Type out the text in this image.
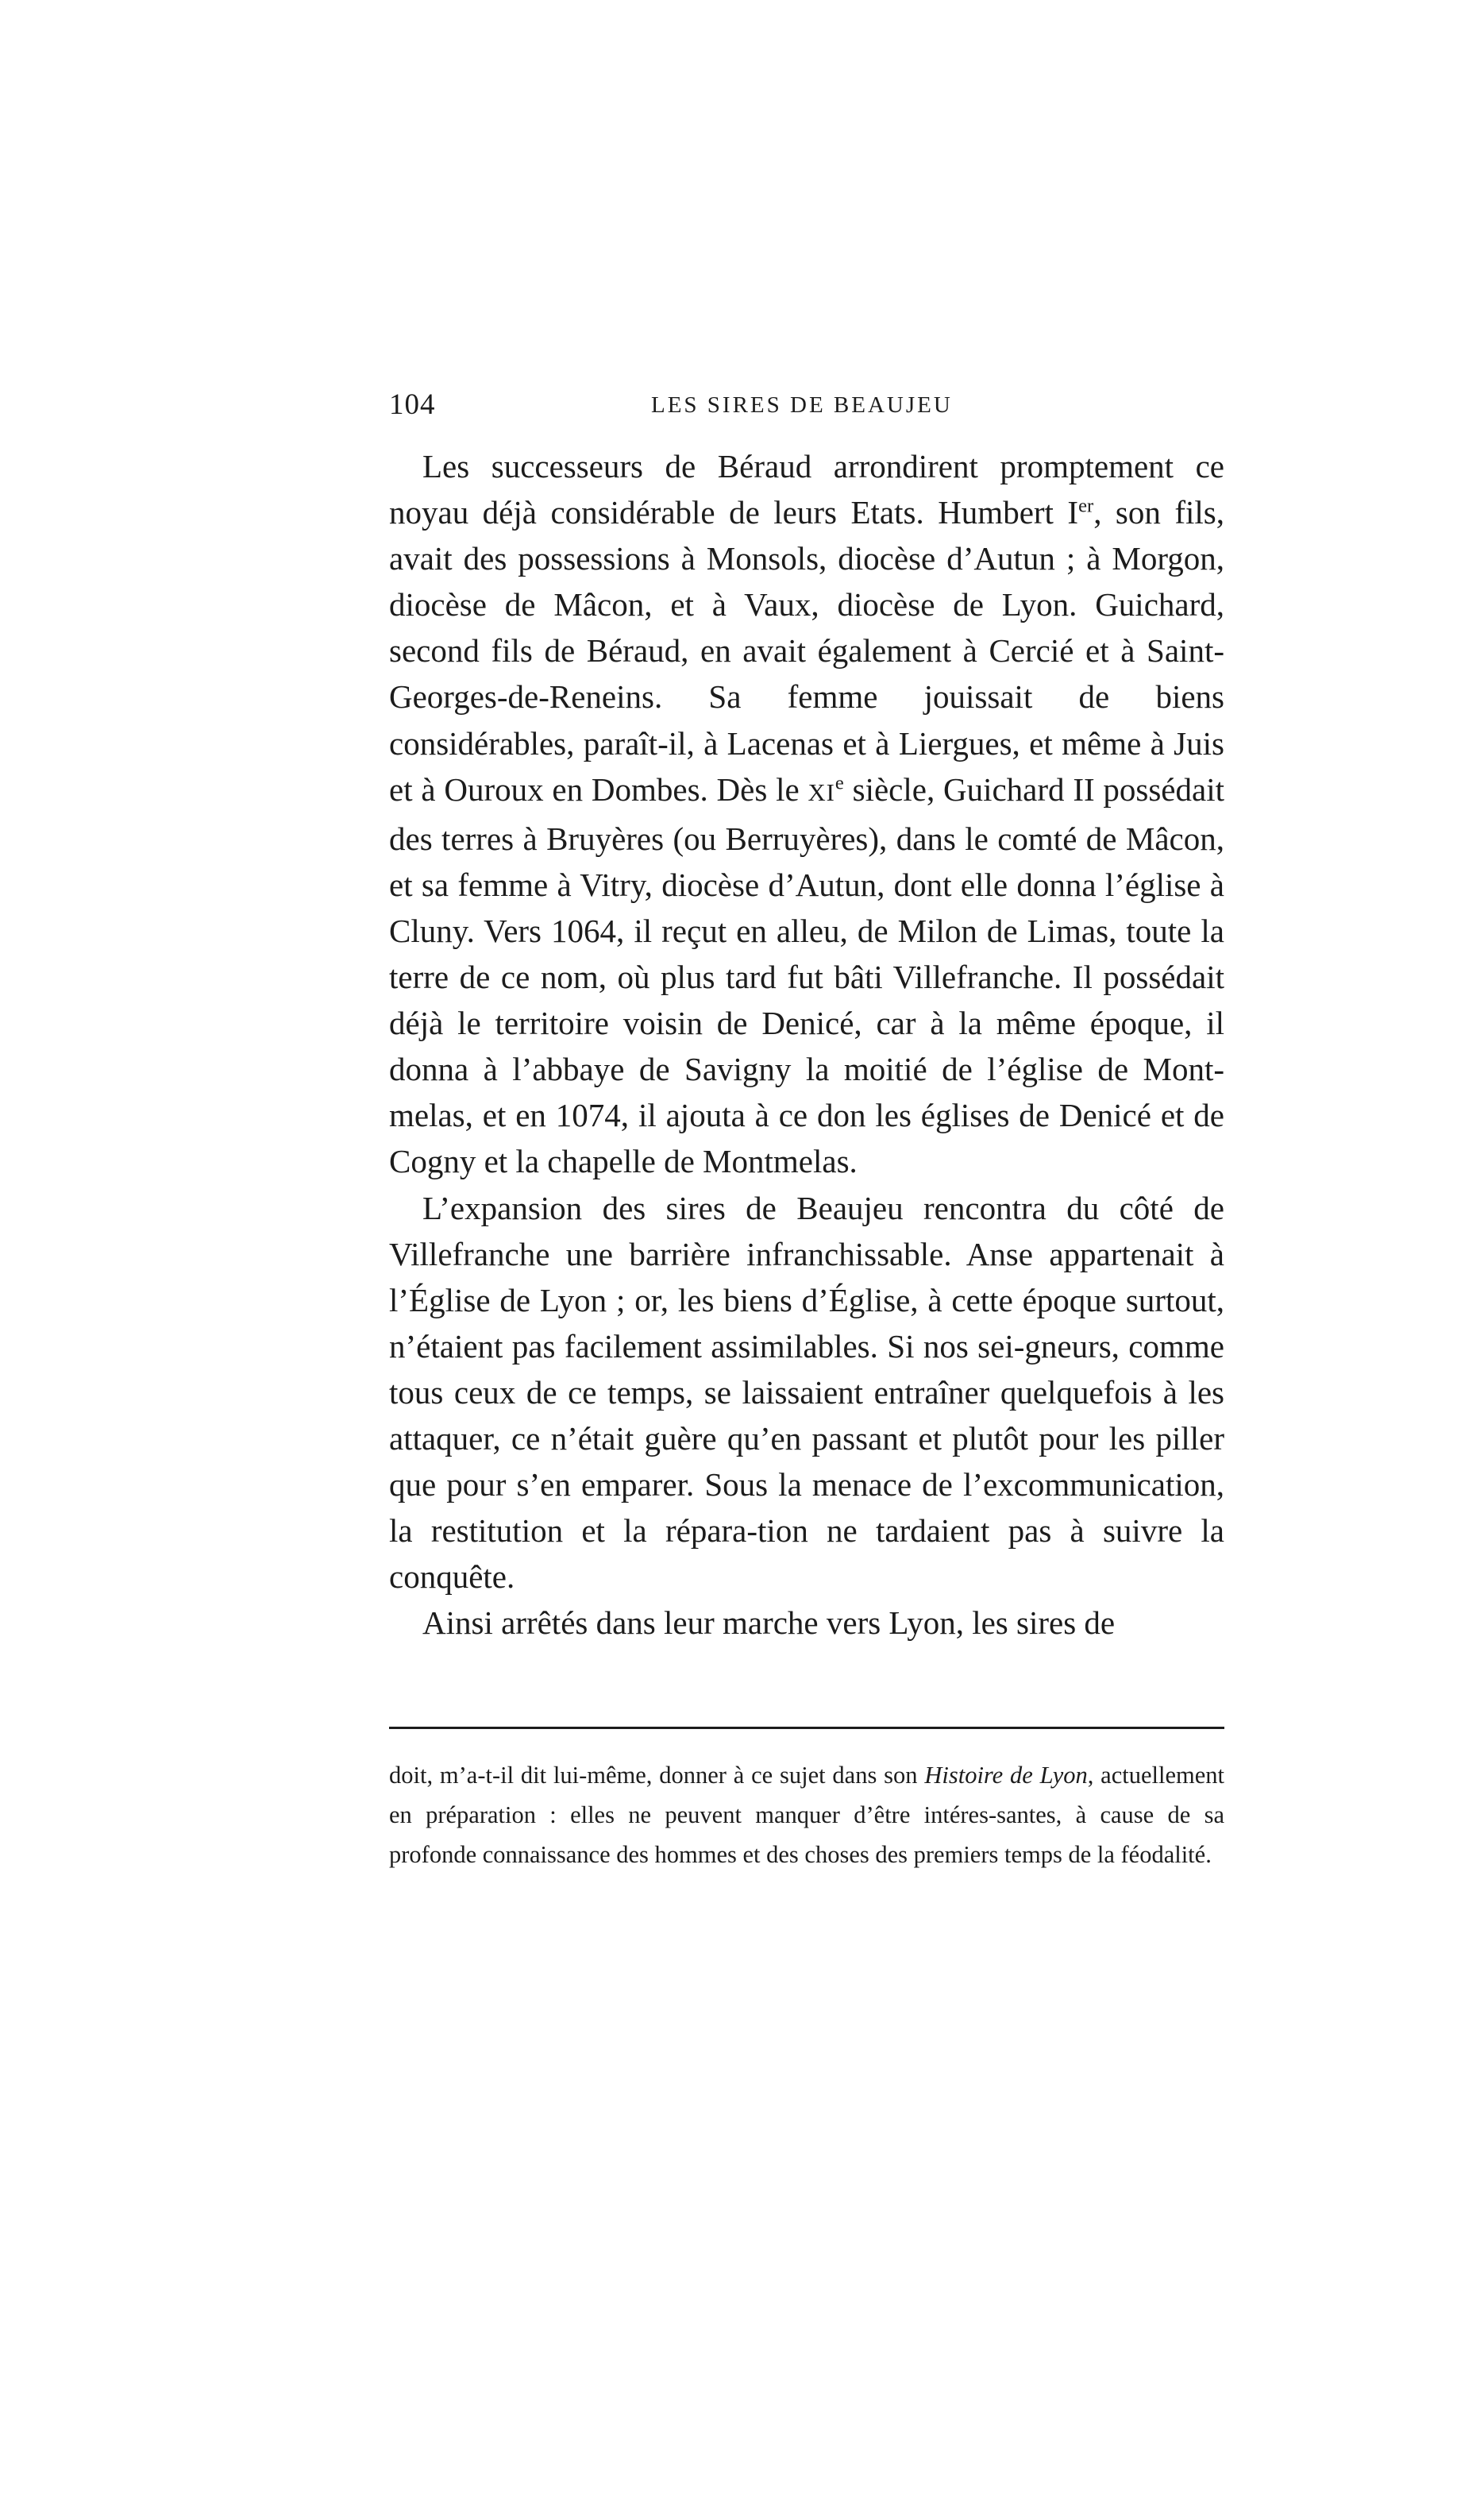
104	LES SIRES DE BEAUJEU

Les successeurs de Béraud arrondirent promptement ce noyau déjà considérable de leurs Etats. Humbert Ier, son fils, avait des possessions à Monsols, diocèse d’Autun ; à Morgon, diocèse de Mâcon, et à Vaux, diocèse de Lyon. Guichard, second fils de Béraud, en avait également à Cercié et à Saint-Georges-de-Reneins. Sa femme jouissait de biens considérables, paraît-il, à Lacenas et à Liergues, et même à Juis et à Ouroux en Dombes. Dès le XIe siècle, Guichard II possédait des terres à Bruyères (ou Berruyères), dans le comté de Mâcon, et sa femme à Vitry, diocèse d’Autun, dont elle donna l’église à Cluny. Vers 1064, il reçut en alleu, de Milon de Limas, toute la terre de ce nom, où plus tard fut bâti Villefranche. Il possédait déjà le territoire voisin de Denicé, car à la même époque, il donna à l’abbaye de Savigny la moitié de l’église de Mont-melas, et en 1074, il ajouta à ce don les églises de Denicé et de Cogny et la chapelle de Montmelas.

L’expansion des sires de Beaujeu rencontra du côté de Villefranche une barrière infranchissable. Anse appartenait à l’Église de Lyon ; or, les biens d’Église, à cette époque surtout, n’étaient pas facilement assimilables. Si nos sei-gneurs, comme tous ceux de ce temps, se laissaient entraîner quelquefois à les attaquer, ce n’était guère qu’en passant et plutôt pour les piller que pour s’en emparer. Sous la menace de l’excommunication, la restitution et la répara-tion ne tardaient pas à suivre la conquête.

Ainsi arrêtés dans leur marche vers Lyon, les sires de

doit, m’a-t-il dit lui-même, donner à ce sujet dans son Histoire de Lyon, actuellement en préparation : elles ne peuvent manquer d’être intéres-santes, à cause de sa profonde connaissance des hommes et des choses des premiers temps de la féodalité.
